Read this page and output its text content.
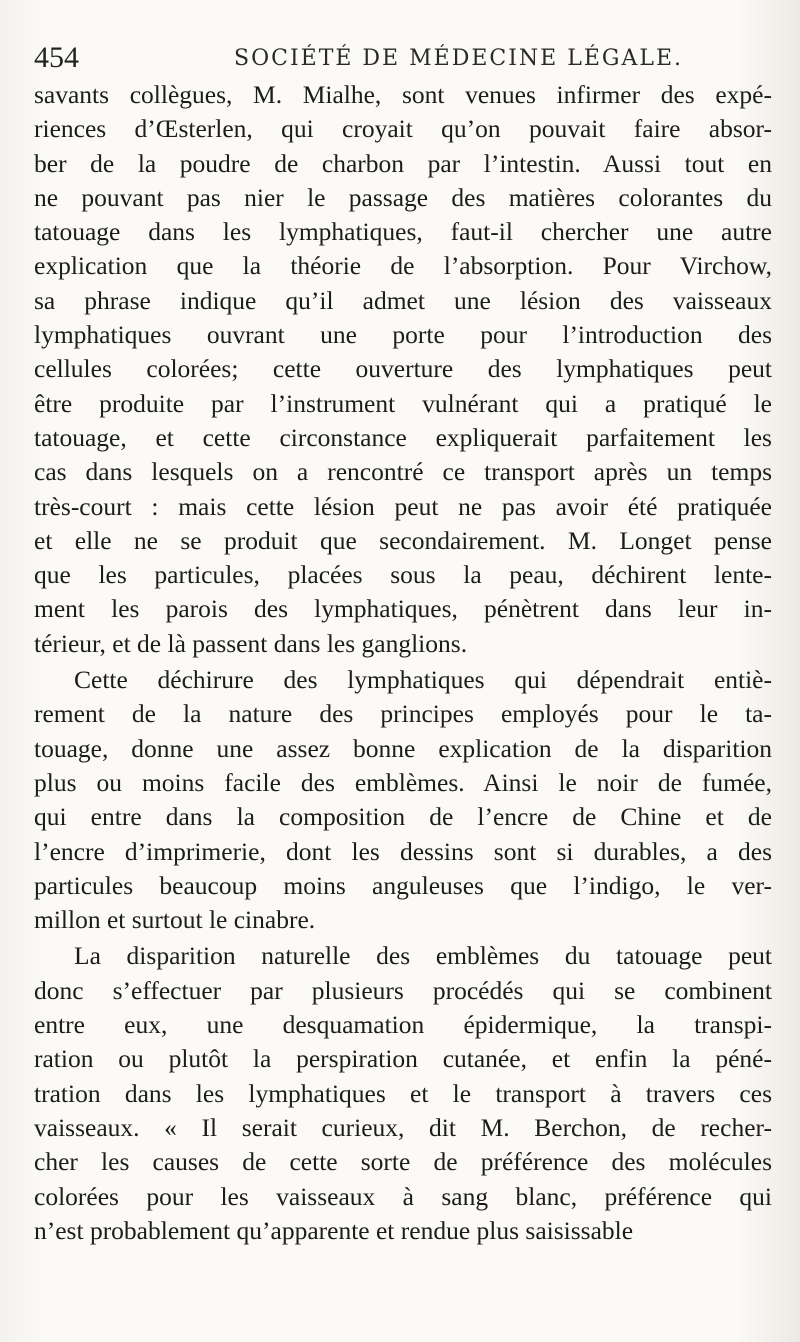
454	SOCIÉTÉ DE MÉDECINE LÉGALE.
savants collègues, M. Mialhe, sont venues infirmer des expé-
riences d’Œsterlen, qui croyait qu’on pouvait faire absor-
ber de la poudre de charbon par l’intestin. Aussi tout en
ne pouvant pas nier le passage des matières colorantes du
tatouage dans les lymphatiques, faut-il chercher une autre
explication que la théorie de l’absorption. Pour Virchow,
sa phrase indique qu’il admet une lésion des vaisseaux
lymphatiques ouvrant une porte pour l’introduction des
cellules colorées; cette ouverture des lymphatiques peut
être produite par l’instrument vulnérant qui a pratiqué le
tatouage, et cette circonstance expliquerait parfaitement les
cas dans lesquels on a rencontré ce transport après un temps
très-court : mais cette lésion peut ne pas avoir été pratiquée
et elle ne se produit que secondairement. M. Longet pense
que les particules, placées sous la peau, déchirent lente-
ment les parois des lymphatiques, pénètrent dans leur in-
térieur, et de là passent dans les ganglions.
Cette déchirure des lymphatiques qui dépendrait entiè-
rement de la nature des principes employés pour le ta-
touage, donne une assez bonne explication de la disparition
plus ou moins facile des emblèmes. Ainsi le noir de fumée,
qui entre dans la composition de l’encre de Chine et de
l’encre d’imprimerie, dont les dessins sont si durables, a des
particules beaucoup moins anguleuses que l’indigo, le ver-
millon et surtout le cinabre.
La disparition naturelle des emblèmes du tatouage peut
donc s’effectuer par plusieurs procédés qui se combinent
entre eux, une desquamation épidermique, la transpi-
ration ou plutôt la perspiration cutanée, et enfin la péné-
tration dans les lymphatiques et le transport à travers ces
vaisseaux. « Il serait curieux, dit M. Berchon, de recher-
cher les causes de cette sorte de préférence des molécules
colorées pour les vaisseaux à sang blanc, préférence qui
n’est probablement qu’apparente et rendue plus saisissable
